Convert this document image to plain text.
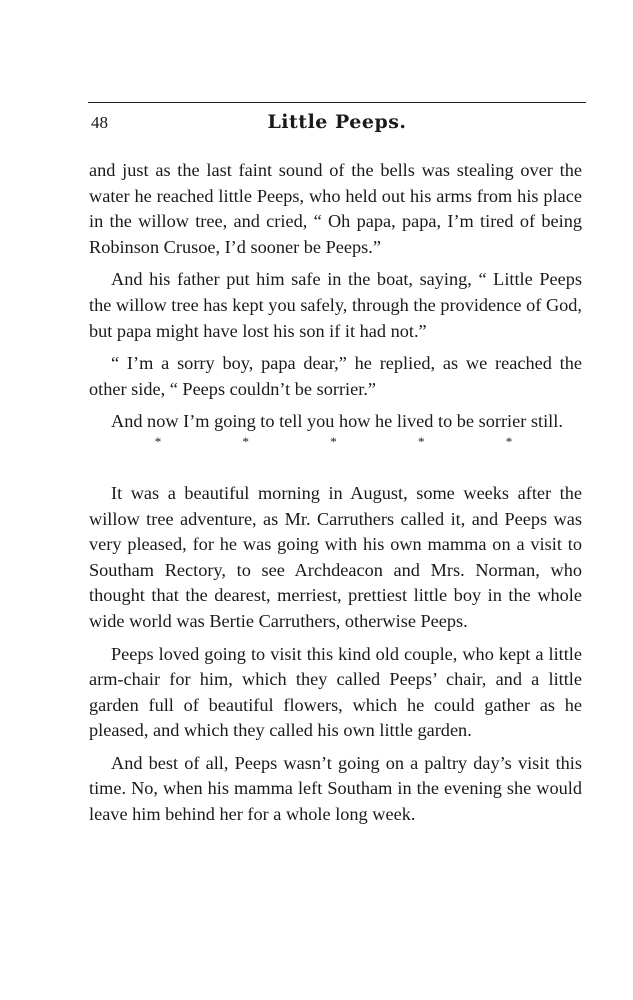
48	Little Peeps.

and just as the last faint sound of the bells was stealing over the water he reached little Peeps, who held out his arms from his place in the willow tree, and cried, “ Oh papa, papa, I’m tired of being Robinson Crusoe, I’d sooner be Peeps.”

And his father put him safe in the boat, saying, “ Little Peeps the willow tree has kept you safely, through the providence of God, but papa might have lost his son if it had not.”

“ I’m a sorry boy, papa dear,” he replied, as we reached the other side, “ Peeps couldn’t be sorrier.”

And now I’m going to tell you how he lived to be sorrier still.

*	*	*	*	*

It was a beautiful morning in August, some weeks after the willow tree adventure, as Mr. Carruthers called it, and Peeps was very pleased, for he was going with his own mamma on a visit to Southam Rectory, to see Archdeacon and Mrs. Norman, who thought that the dearest, merriest, prettiest little boy in the whole wide world was Bertie Carruthers, otherwise Peeps.

Peeps loved going to visit this kind old couple, who kept a little arm-chair for him, which they called Peeps’ chair, and a little garden full of beautiful flowers, which he could gather as he pleased, and which they called his own little garden.

And best of all, Peeps wasn’t going on a paltry day’s visit this time. No, when his mamma left Southam in the evening she would leave him behind her for a whole long week.
